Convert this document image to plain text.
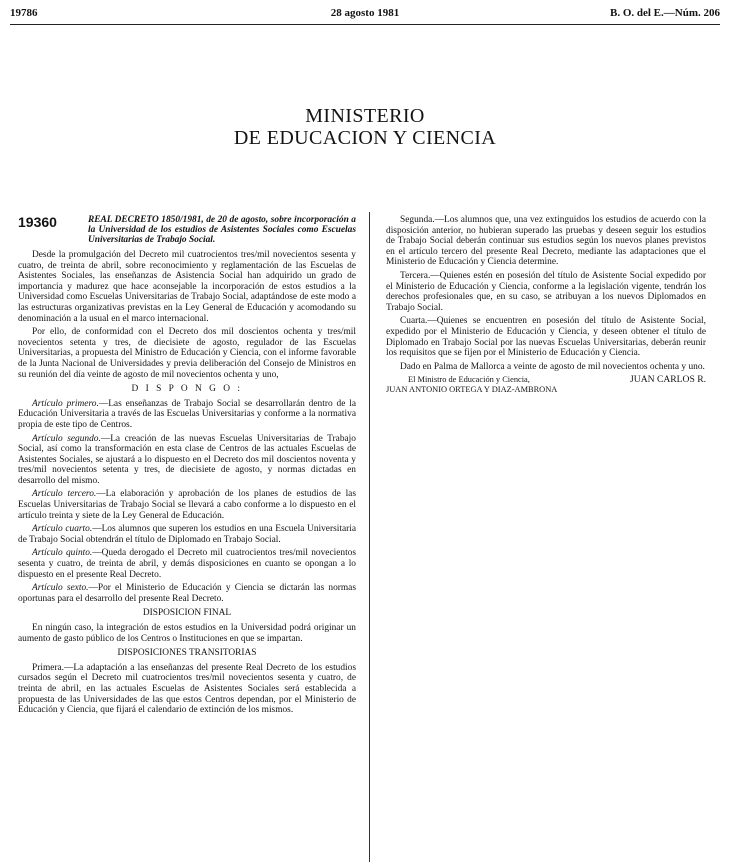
19786	28 agosto 1981	B. O. del E.—Núm. 206
MINISTERIO
DE EDUCACION Y CIENCIA
19360	REAL DECRETO 1850/1981, de 20 de agosto, sobre incorporación a la Universidad de los estudios de Asistentes Sociales como Escuelas Universitarias de Trabajo Social.

Desde la promulgación del Decreto mil cuatrocientos tres/mil novecientos sesenta y cuatro, de treinta de abril, sobre reconocimiento y reglamentación de las Escuelas de Asistentes Sociales, las enseñanzas de Asistencia Social han adquirido un grado de importancia y madurez que hace aconsejable la incorporación de estos estudios a la Universidad como Escuelas Universitarias de Trabajo Social, adaptándose de este modo a las estructuras organizativas previstas en la Ley General de Educación y acomodando su denominación a la usual en el marco internacional.

Por ello, de conformidad con el Decreto dos mil doscientos ochenta y tres/mil novecientos setenta y tres, de diecisiete de agosto, regulador de las Escuelas Universitarias, a propuesta del Ministro de Educación y Ciencia, con el informe favorable de la Junta Nacional de Universidades y previa deliberación del Consejo de Ministros en su reunión del día veinte de agosto de mil novecientos ochenta y uno,

D I S P O N G O :

Artículo primero.—Las enseñanzas de Trabajo Social se desarrollarán dentro de la Educación Universitaria a través de las Escuelas Universitarias y conforme a la normativa propia de este tipo de Centros.

Artículo segundo.—La creación de las nuevas Escuelas Universitarias de Trabajo Social, así como la transformación en esta clase de Centros de las actuales Escuelas de Asistentes Sociales, se ajustará a lo dispuesto en el Decreto dos mil doscientos noventa y tres/mil novecientos setenta y tres, de diecisiete de agosto, y normas dictadas en desarrollo del mismo.

Artículo tercero.—La elaboración y aprobación de los planes de estudios de las Escuelas Universitarias de Trabajo Social se llevará a cabo conforme a lo dispuesto en el artículo treinta y siete de la Ley General de Educación.

Artículo cuarto.—Los alumnos que superen los estudios en una Escuela Universitaria de Trabajo Social obtendrán el título de Diplomado en Trabajo Social.

Artículo quinto.—Queda derogado el Decreto mil cuatrocientos tres/mil novecientos sesenta y cuatro, de treinta de abril, y demás disposiciones en cuanto se opongan a lo dispuesto en el presente Real Decreto.

Artículo sexto.—Por el Ministerio de Educación y Ciencia se dictarán las normas oportunas para el desarrollo del presente Real Decreto.

DISPOSICION FINAL

En ningún caso, la integración de estos estudios en la Universidad podrá originar un aumento de gasto público de los Centros o Instituciones en que se impartan.

DISPOSICIONES TRANSITORIAS

Primera.—La adaptación a las enseñanzas del presente Real Decreto de los estudios cursados según el Decreto mil cuatrocientos tres/mil novecientos sesenta y cuatro, de treinta de abril, en las actuales Escuelas de Asistentes Sociales será establecida a propuesta de las Universidades de las que estos Centros dependan, por el Ministerio de Educación y Ciencia, que fijará el calendario de extinción de los mismos.

Segunda.—Los alumnos que, una vez extinguidos los estudios de acuerdo con la disposición anterior, no hubieran superado las pruebas y deseen seguir los estudios de Trabajo Social deberán continuar sus estudios según los nuevos planes previstos en el artículo tercero del presente Real Decreto, mediante las adaptaciones que el Ministerio de Educación y Ciencia determine.

Tercera.—Quienes estén en posesión del título de Asistente Social expedido por el Ministerio de Educación y Ciencia, conforme a la legislación vigente, tendrán los derechos profesionales que, en su caso, se atribuyan a los nuevos Diplomados en Trabajo Social.

Cuarta.—Quienes se encuentren en posesión del título de Asistente Social, expedido por el Ministerio de Educación y Ciencia, y deseen obtener el título de Diplomado en Trabajo Social por las nuevas Escuelas Universitarias, deberán reunir los requisitos que se fijen por el Ministerio de Educación y Ciencia.

Dado en Palma de Mallorca a veinte de agosto de mil novecientos ochenta y uno.

El Ministro de Educación y Ciencia,	JUAN CARLOS R.

JUAN ANTONIO ORTEGA Y DIAZ-AMBRONA
